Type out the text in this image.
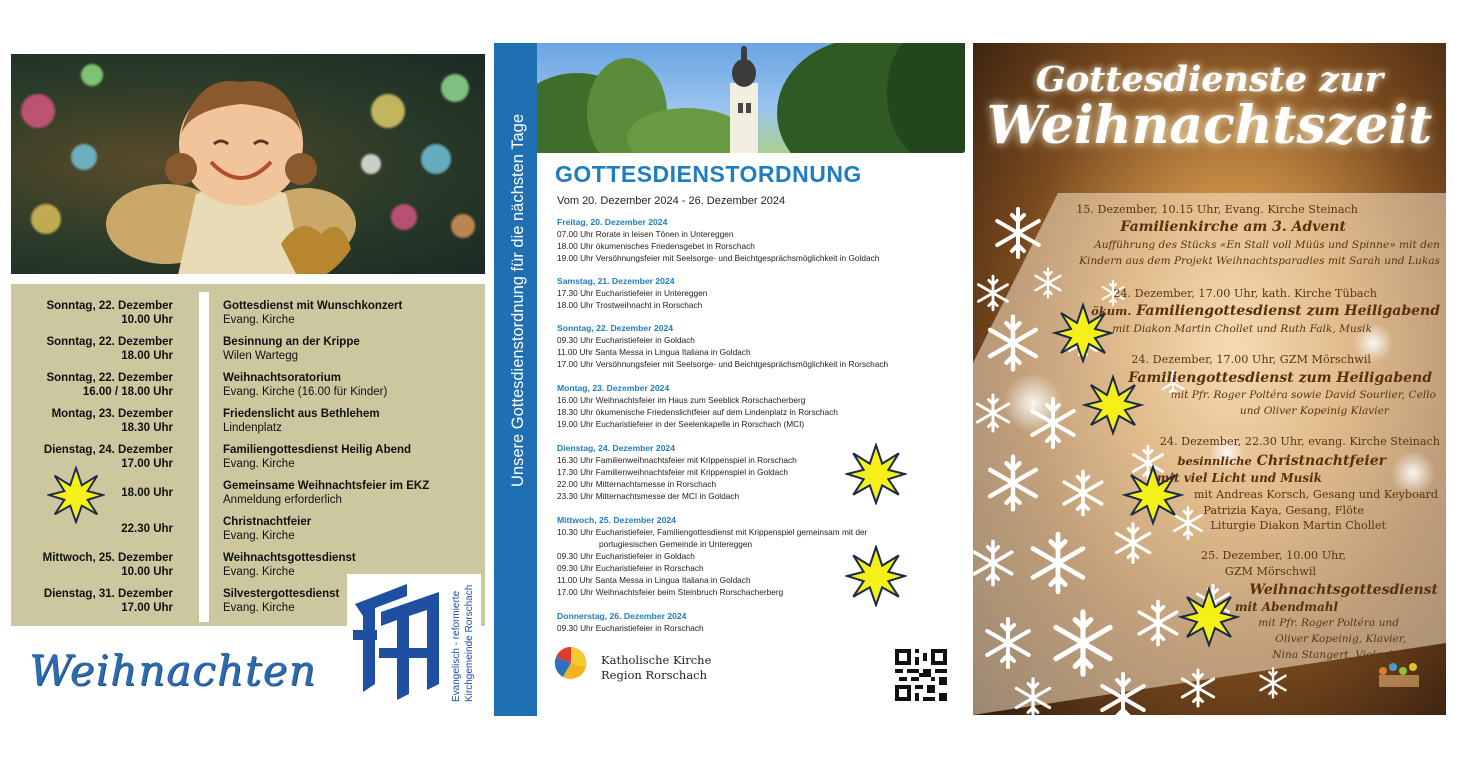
Sonntag, 22. Dezember
10.00 Uhr
Gottesdienst mit Wunschkonzert
Evang. Kirche
Sonntag, 22. Dezember
18.00 Uhr
Besinnung an der Krippe
Wilen Wartegg
Sonntag, 22. Dezember
16.00 / 18.00 Uhr
Weihnachtsoratorium
Evang. Kirche (16.00 für Kinder)
Montag, 23. Dezember
18.30 Uhr
Friedenslicht aus Bethlehem
Lindenplatz
Dienstag, 24. Dezember
17.00 Uhr
Familiengottesdienst Heilig Abend
Evang. Kirche
18.00 Uhr
Gemeinsame Weihnachtsfeier im EKZ
Anmeldung erforderlich
22.30 Uhr
Christnachtfeier
Evang. Kirche
Mittwoch, 25. Dezember
10.00 Uhr
Weihnachtsgottesdienst
Evang. Kirche
Dienstag, 31. Dezember
17.00 Uhr
Silvestergottesdienst
Evang. Kirche
Weihnachten	Evangelisch - reformierte Kirchgemeinde Rorschach
Unsere Gottesdienstordnung für die nächsten Tage GOTTESDIENSTORDNUNG
Vom 20. Dezember 2024 - 26. Dezember 2024
Freitag, 20. Dezember 2024

07.00 Uhr Rorate in leisen Tönen in Untereggen

18.00 Uhr ökumenisches Friedensgebet in Rorschach

19.00 Uhr Versöhnungsfeier mit Seelsorge- und Beichtgesprächsmöglichkeit in Goldach

Samstag, 21. Dezember 2024

17.30 Uhr Eucharistiefeier in Untereggen

18.00 Uhr Trostweihnacht in Rorschach

Sonntag, 22. Dezember 2024

09.30 Uhr Eucharistiefeier in Goldach

11.00 Uhr Santa Messa in Lingua Italiana in Goldach

17.00 Uhr Versöhnungsfeier mit Seelsorge- und Beichtgesprächsmöglichkeit in Rorschach

Montag, 23. Dezember 2024

16.00 Uhr Weihnachtsfeier im Haus zum Seeblick Rorschacherberg

18.30 Uhr ökumenische Friedenslichtfeier auf dem Lindenplatz in Rorschach

19.00 Uhr Eucharistiefeier in der Seelenkapelle in Rorschach (MCI)

Dienstag, 24. Dezember 2024

16.30 Uhr Familienweihnachtsfeier mit Krippenspiel in Rorschach

17.30 Uhr Familienweihnachtsfeier mit Krippenspiel in Goldach

22.00 Uhr Mitternachtsmesse in Rorschach

23.30 Uhr Mitternachtsmesse der MCI in Goldach

Mittwoch, 25. Dezember 2024

10.30 Uhr Eucharistiefeier, Familiengottesdienst mit Krippenspiel gemeinsam mit der

portugiesischen Gemeinde in Untereggen

09.30 Uhr Eucharistiefeier in Goldach

09.30 Uhr Eucharistiefeier in Rorschach

11.00 Uhr Santa Messa in Lingua Italiana in Goldach

17.00 Uhr Weihnachtsfeier beim Steinbruch Rorschacherberg

Donnerstag, 26. Dezember 2024

09.30 Uhr Eucharistiefeier in Rorschach

Katholische Kirche
Region Rorschach
Gottesdienste zur
Weihnachtszeit
15. Dezember, 10.15 Uhr, Evang. Kirche Steinach
Familienkirche am 3. Advent
Aufführung des Stücks «En Stall voll Müüs und Spinne» mit den
Kindern aus dem Projekt Weihnachtsparadies mit Sarah und Lukas
24. Dezember, 17.00 Uhr, kath. Kirche Tübach
ökum. Familiengottesdienst zum Heiligabend
mit Diakon Martin Chollet und Ruth Falk, Musik
24. Dezember, 17.00 Uhr, GZM Mörschwil
Familiengottesdienst zum Heiligabend
mit Pfr. Roger Poltéra sowie David Sourlier, Cello
und Oliver Kopeinig Klavier
24. Dezember, 22.30 Uhr, evang. Kirche Steinach
besinnliche Christnachtfeier
mit viel Licht und Musik
mit Andreas Korsch, Gesang und Keyboard
Patrizia Kaya, Gesang, Flöte
Liturgie Diakon Martin Chollet
25. Dezember, 10.00 Uhr,
GZM Mörschwil
Weihnachtsgottesdienst
mit Abendmahl
mit Pfr. Roger Poltéra und
Oliver Kopeinig, Klavier,
Nina Stangert, Viola da Gamba
